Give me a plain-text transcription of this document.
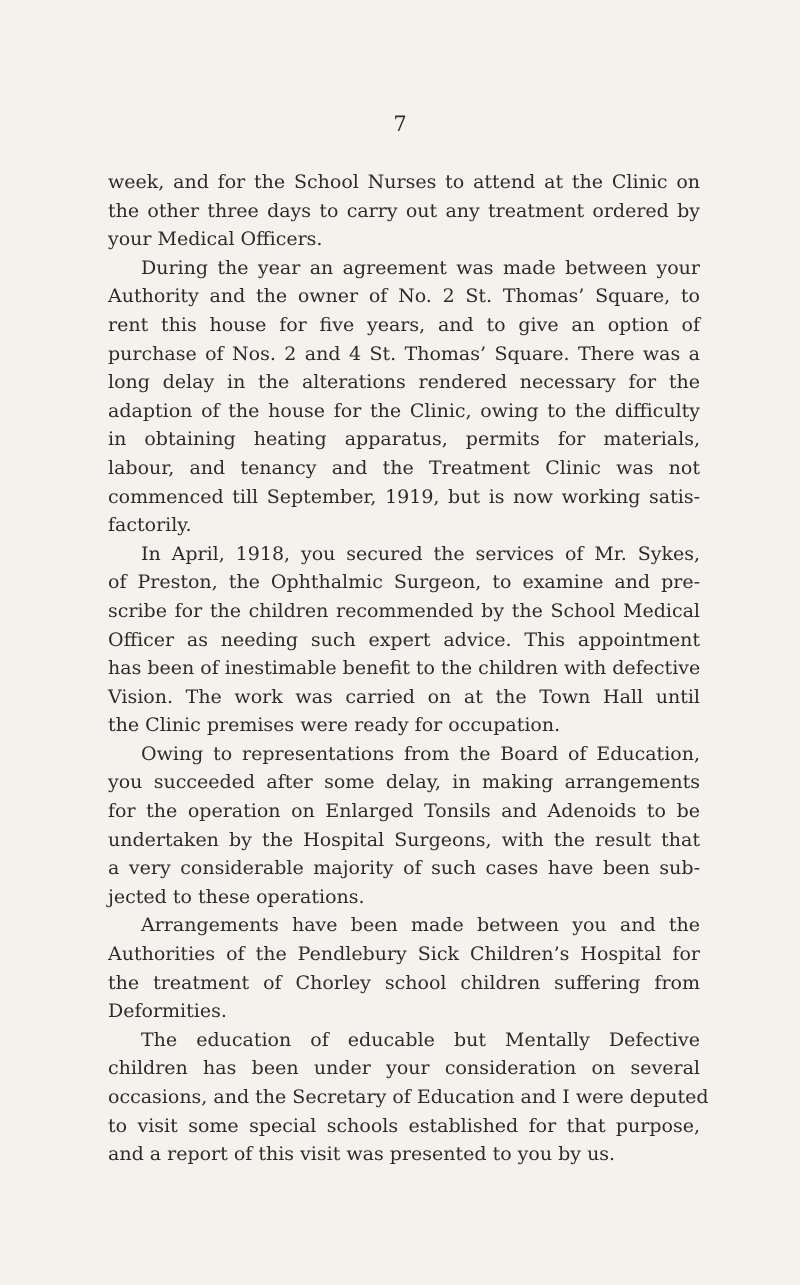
7
week, and for the School Nurses to attend at the Clinic on
the other three days to carry out any treatment ordered by
your Medical Officers.
During the year an agreement was made between your
Authority and the owner of No. 2 St. Thomas’ Square, to
rent this house for five years, and to give an option of
purchase of Nos. 2 and 4 St. Thomas’ Square. There was a
long delay in the alterations rendered necessary for the
adaption of the house for the Clinic, owing to the difficulty
in obtaining heating apparatus, permits for materials,
labour, and tenancy and the Treatment Clinic was not
commenced till September, 1919, but is now working satis-
factorily.
In April, 1918, you secured the services of Mr. Sykes,
of Preston, the Ophthalmic Surgeon, to examine and pre-
scribe for the children recommended by the School Medical
Officer as needing such expert advice. This appointment
has been of inestimable benefit to the children with defective
Vision. The work was carried on at the Town Hall until
the Clinic premises were ready for occupation.
Owing to representations from the Board of Education,
you succeeded after some delay, in making arrangements
for the operation on Enlarged Tonsils and Adenoids to be
undertaken by the Hospital Surgeons, with the result that
a very considerable majority of such cases have been sub-
jected to these operations.
Arrangements have been made between you and the
Authorities of the Pendlebury Sick Children’s Hospital for
the treatment of Chorley school children suffering from
Deformities.
The education of educable but Mentally Defective
children has been under your consideration on several
occasions, and the Secretary of Education and I were deputed
to visit some special schools established for that purpose,
and a report of this visit was presented to you by us.
